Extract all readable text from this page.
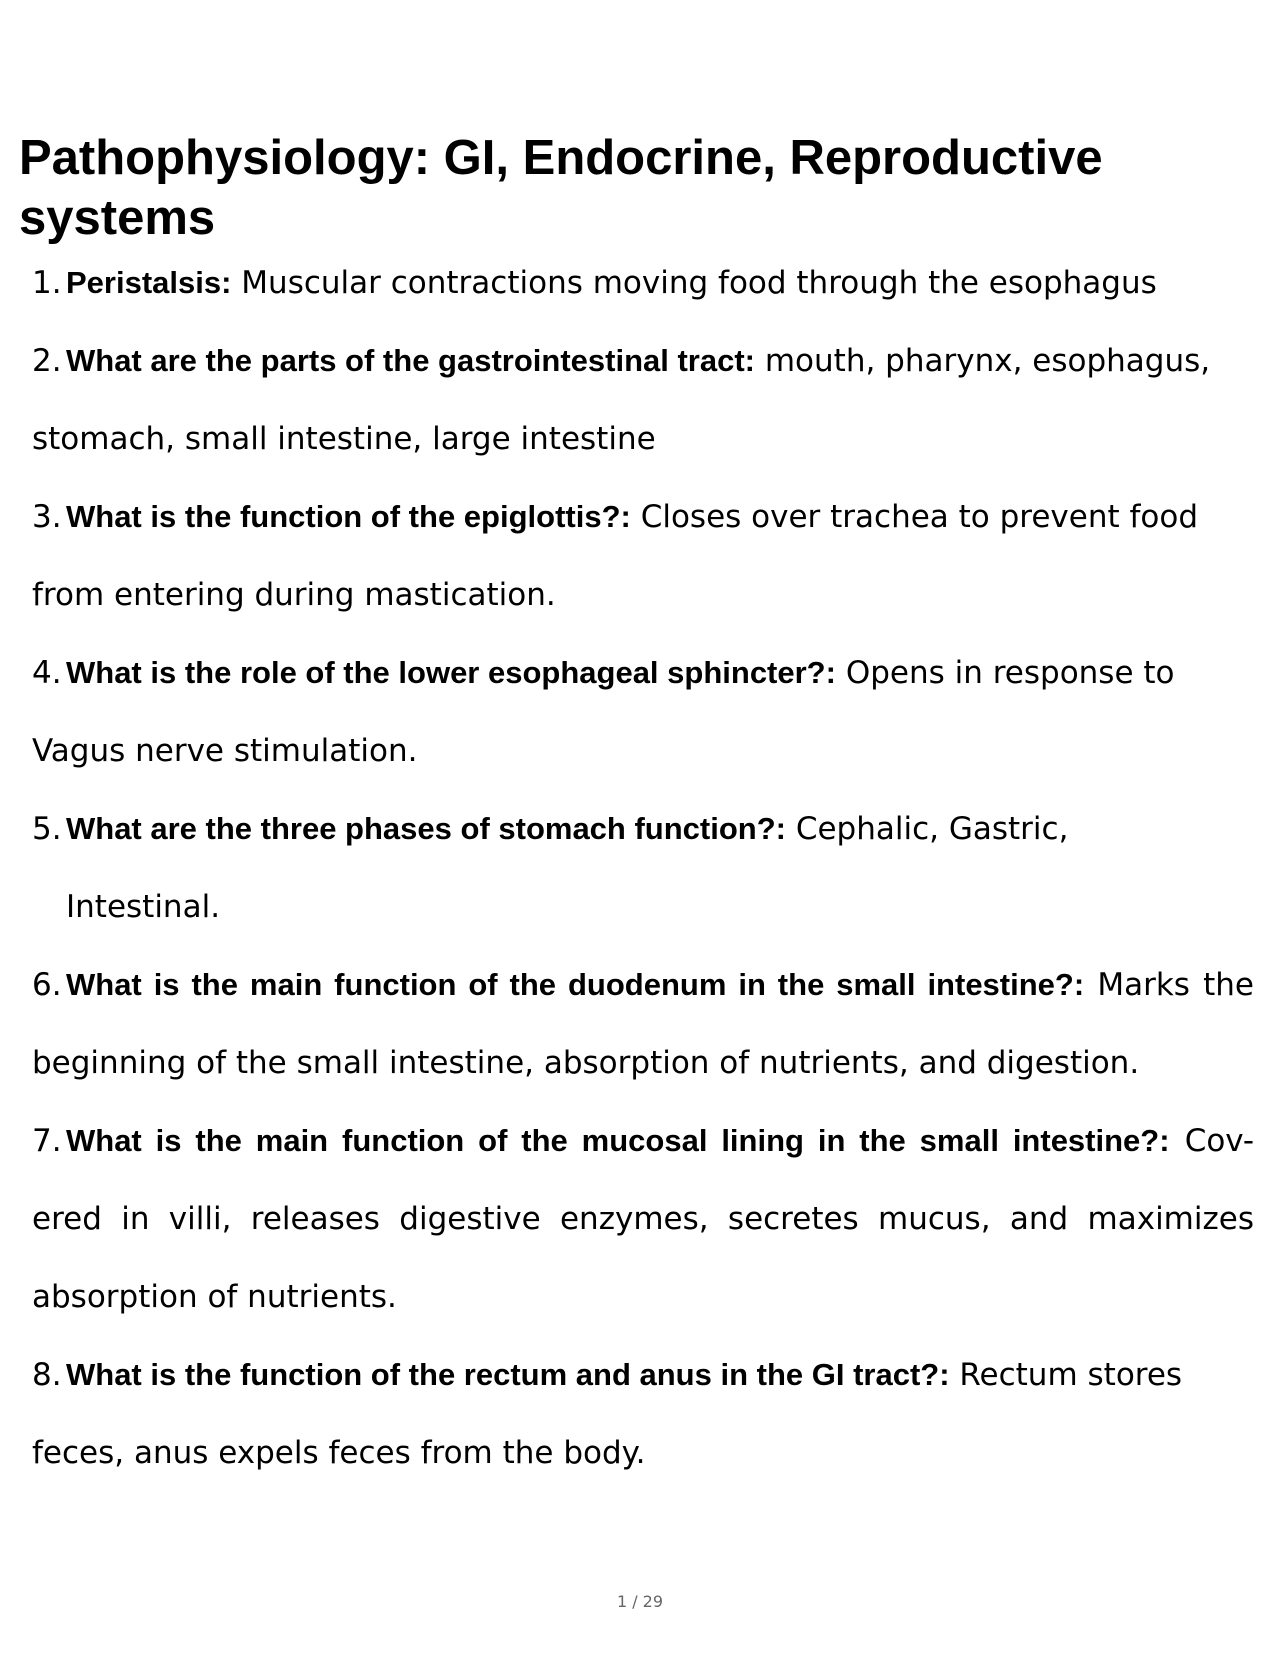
Pathophysiology: GI, Endocrine, Reproductive systems

1. Peristalsis: Muscular contractions moving food through the esophagus

2. What are the parts of the gastrointestinal tract: mouth, pharynx, esophagus, stomach, small intestine, large intestine

3. What is the function of the epiglottis?: Closes over trachea to prevent food from entering during mastication.

4. What is the role of the lower esophageal sphincter?: Opens in response to Vagus nerve stimulation.

5. What are the three phases of stomach function?: Cephalic, Gastric,
Intestinal.

6. What is the main function of the duodenum in the small intestine?: Marks the beginning of the small intestine, absorption of nutrients, and digestion.

7. What is the main function of the mucosal lining in the small intestine?: Cov- ered in villi, releases digestive enzymes, secretes mucus, and maximizes absorption of nutrients.

8. What is the function of the rectum and anus in the GI tract?: Rectum stores feces, anus expels feces from the body.

1 / 29
